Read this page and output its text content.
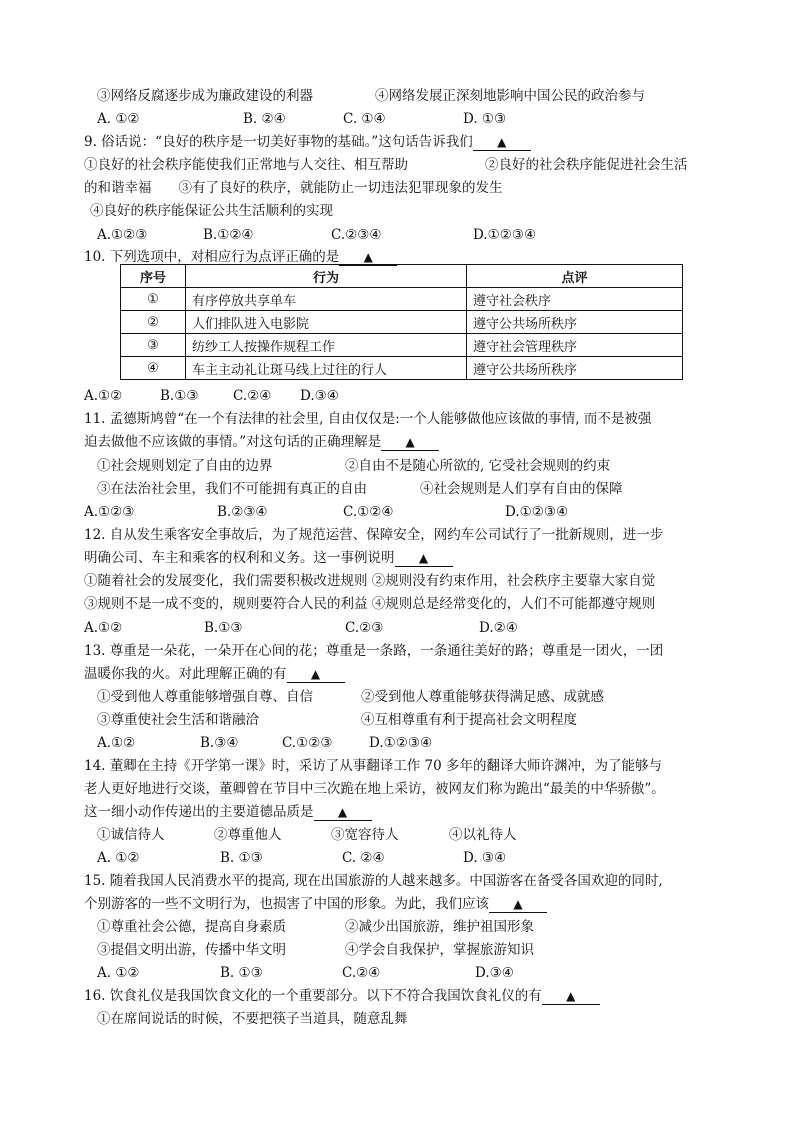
③网络反腐逐步成为廉政建设的利器	④网络发展正深刻地影响中国公民的政治参与
A. ①②	B. ②④	C. ①④	D. ①③
9. 俗话说：“良好的秩序是一切美好事物的基础。”这句话告诉我们 ▲
①良好的社会秩序能使我们正常地与人交往、相互帮助	②良好的社会秩序能促进社会生活
的和谐幸福　　③有了良好的秩序，就能防止一切违法犯罪现象的发生
④良好的秩序能保证公共生活顺利的实现
A.①②③	B.①②④	C.②③④	D.①②③④
10. 下列选项中，对相应行为点评正确的是 ▲
序号	行为	点评
①	有序停放共享单车	遵守社会秩序
②	人们排队进入电影院	遵守公共场所秩序
③	纺纱工人按操作规程工作	遵守社会管理秩序
④	车主主动礼让斑马线上过往的行人	遵守公共场所秩序
A.①②	B.①③	C.②④ D.③④
11. 孟德斯鸠曾“在一个有法律的社会里, 自由仅仅是:一个人能够做他应该做的事情, 而不是被强
迫去做他不应该做的事情。”对这句话的正确理解是 ▲
①社会规则划定了自由的边界	②自由不是随心所欲的, 它受社会规则的约束
③在法治社会里，我们不可能拥有真正的自由	④社会规则是人们享有自由的保障
A.①②③	B.②③④	C.①②④	D.①②③④
12. 自从发生乘客安全事故后，为了规范运营、保障安全，网约车公司试行了一批新规则，进一步
明确公司、车主和乘客的权利和义务。这一事例说明 ▲
①随着社会的发展变化，我们需要积极改进规则 ②规则没有约束作用，社会秩序主要靠大家自觉
③规则不是一成不变的，规则要符合人民的利益 ④规则总是经常变化的，人们不可能都遵守规则
A.①②	B.①③	C.②③	D.②④
13. 尊重是一朵花，一朵开在心间的花；尊重是一条路，一条通往美好的路；尊重是一团火，一团
温暖你我的火。对此理解正确的有 ▲
①受到他人尊重能够增强自尊、自信	②受到他人尊重能够获得满足感、成就感
③尊重使社会生活和谐融洽	④互相尊重有利于提高社会文明程度
A.①②	B.③④	C.①②③	D.①②③④
14. 董卿在主持《开学第一课》时，采访了从事翻译工作 70 多年的翻译大师许渊冲，为了能够与
老人更好地进行交谈，董卿曾在节目中三次跪在地上采访，被网友们称为跪出“最美的中华骄傲”。
这一细小动作传递出的主要道德品质是 ▲
①诚信待人	②尊重他人	③宽容待人	④以礼待人
A. ①②	B. ①③	C. ②④	D. ③④
15. 随着我国人民消费水平的提高, 现在出国旅游的人越来越多。中国游客在备受各国欢迎的同时,
个别游客的一些不文明行为，也损害了中国的形象。为此，我们应该 ▲
①尊重社会公德，提高自身素质	②减少出国旅游，维护祖国形象
③提倡文明出游，传播中华文明	④学会自我保护，掌握旅游知识
A. ①②	B. ①③	C.②④	D.③④
16. 饮食礼仪是我国饮食文化的一个重要部分。以下不符合我国饮食礼仪的有 ▲
①在席间说话的时候，不要把筷子当道具，随意乱舞
